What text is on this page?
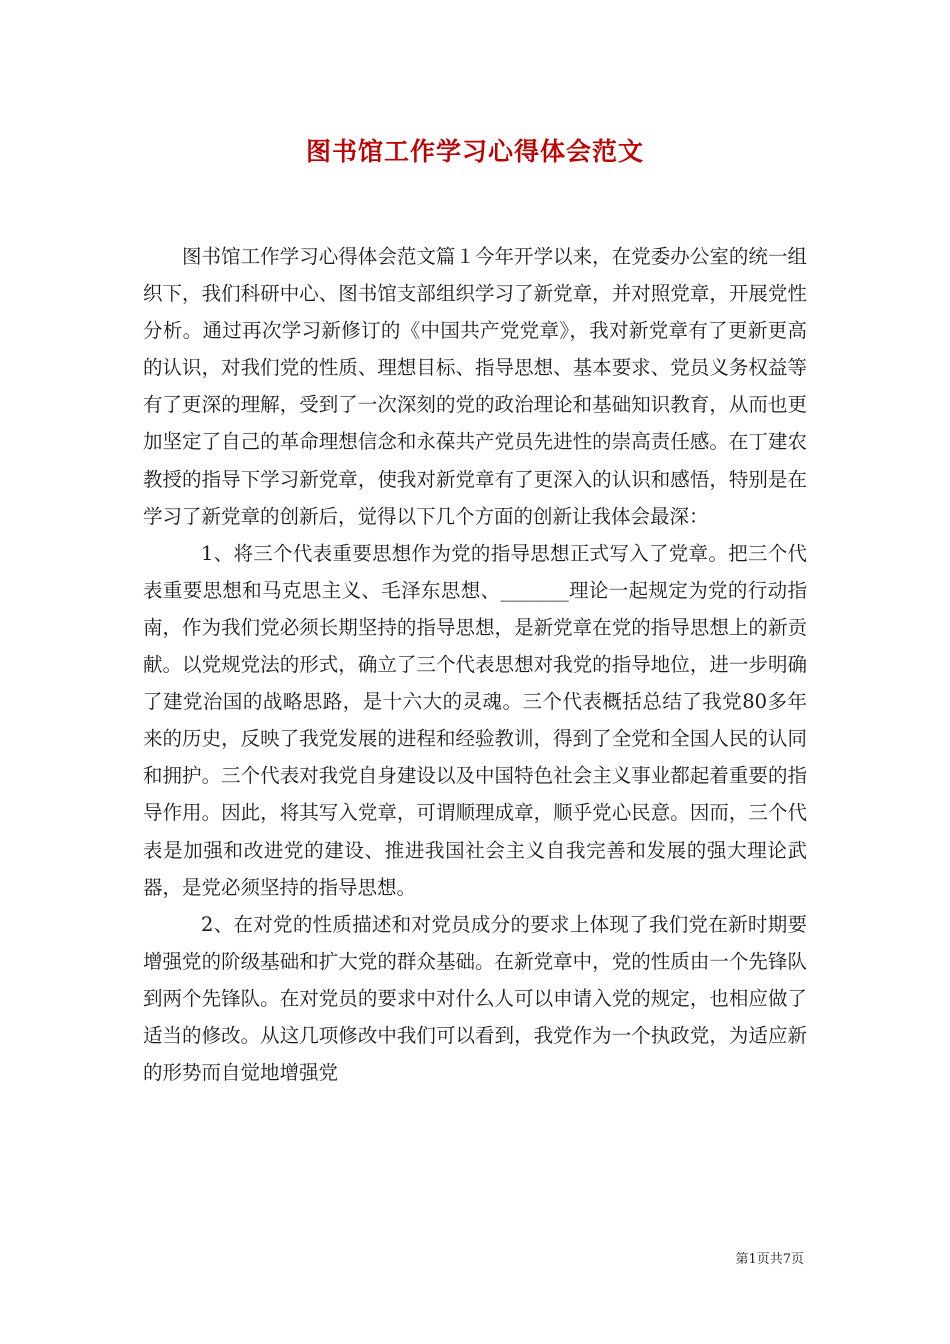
图书馆工作学习心得体会范文

图书馆工作学习心得体会范文篇１今年开学以来，在党委办公室的统一组织下，我们科研中心、图书馆支部组织学习了新党章，并对照党章，开展党性分析。通过再次学习新修订的《中国共产党党章》，我对新党章有了更新更高的认识，对我们党的性质、理想目标、指导思想、基本要求、党员义务权益等有了更深的理解，受到了一次深刻的党的政治理论和基础知识教育，从而也更加坚定了自己的革命理想信念和永葆共产党员先进性的崇高责任感。在丁建农教授的指导下学习新党章，使我对新党章有了更深入的认识和感悟，特别是在学习了新党章的创新后，觉得以下几个方面的创新让我体会最深：

1、将三个代表重要思想作为党的指导思想正式写入了党章。把三个代表重要思想和马克思主义、毛泽东思想、_______理论一起规定为党的行动指南，作为我们党必须长期坚持的指导思想，是新党章在党的指导思想上的新贡献。以党规党法的形式，确立了三个代表思想对我党的指导地位，进一步明确了建党治国的战略思路，是十六大的灵魂。三个代表概括总结了我党80多年来的历史，反映了我党发展的进程和经验教训，得到了全党和全国人民的认同和拥护。三个代表对我党自身建设以及中国特色社会主义事业都起着重要的指导作用。因此，将其写入党章，可谓顺理成章，顺乎党心民意。因而，三个代表是加强和改进党的建设、推进我国社会主义自我完善和发展的强大理论武器，是党必须坚持的指导思想。

2、在对党的性质描述和对党员成分的要求上体现了我们党在新时期要增强党的阶级基础和扩大党的群众基础。在新党章中，党的性质由一个先锋队到两个先锋队。在对党员的要求中对什么人可以申请入党的规定，也相应做了适当的修改。从这几项修改中我们可以看到，我党作为一个执政党，为适应新的形势而自觉地增强党

第1页共7页
